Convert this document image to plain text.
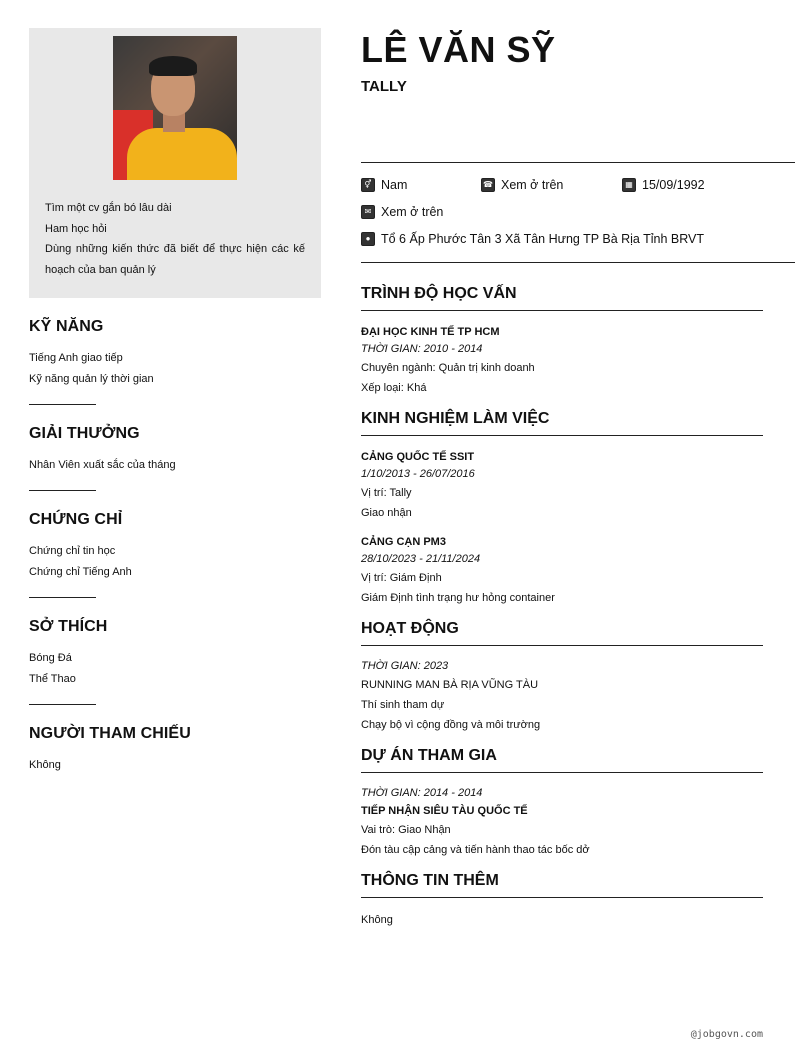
Tìm một cv gắn bó lâu dài
Ham học hỏi
Dùng những kiến thức đã biết để thực hiện các kế hoạch của ban quản lý
KỸ NĂNG
Tiếng Anh giao tiếp
Kỹ năng quản lý thời gian
GIẢI THƯỞNG
Nhân Viên xuất sắc của tháng
CHỨNG CHỈ
Chứng chỉ tin học
Chứng chỉ Tiếng Anh
SỞ THÍCH
Bóng Đá
Thể Thao
NGƯỜI THAM CHIẾU
Không
LÊ VĂN SỸ
TALLY
⚥ Nam	☎ Xem ở trên	▦ 15/09/1992
✉ Xem ở trên
● Tổ 6 Ấp Phước Tân 3 Xã Tân Hưng TP Bà Rịa Tỉnh BRVT
TRÌNH ĐỘ HỌC VẤN
ĐẠI HỌC KINH TẾ TP HCM
THỜI GIAN: 2010 - 2014
Chuyên ngành: Quản trị kinh doanh
Xếp loại: Khá
KINH NGHIỆM LÀM VIỆC
CẢNG QUỐC TẾ SSIT
1/10/2013 - 26/07/2016
Vị trí: Tally
Giao nhận
CẢNG CẠN PM3
28/10/2023 - 21/11/2024
Vị trí: Giám Định
Giám Định tình trạng hư hỏng container
HOẠT ĐỘNG
THỜI GIAN: 2023
RUNNING MAN BÀ RỊA VŨNG TÀU
Thí sinh tham dự
Chạy bộ vì cộng đồng và môi trường
DỰ ÁN THAM GIA
THỜI GIAN: 2014 - 2014
TIẾP NHẬN SIÊU TÀU QUỐC TẾ
Vai trò: Giao Nhận
Đón tàu cập cảng và tiến hành thao tác bốc dở
THÔNG TIN THÊM
Không
@jobgovn.com
